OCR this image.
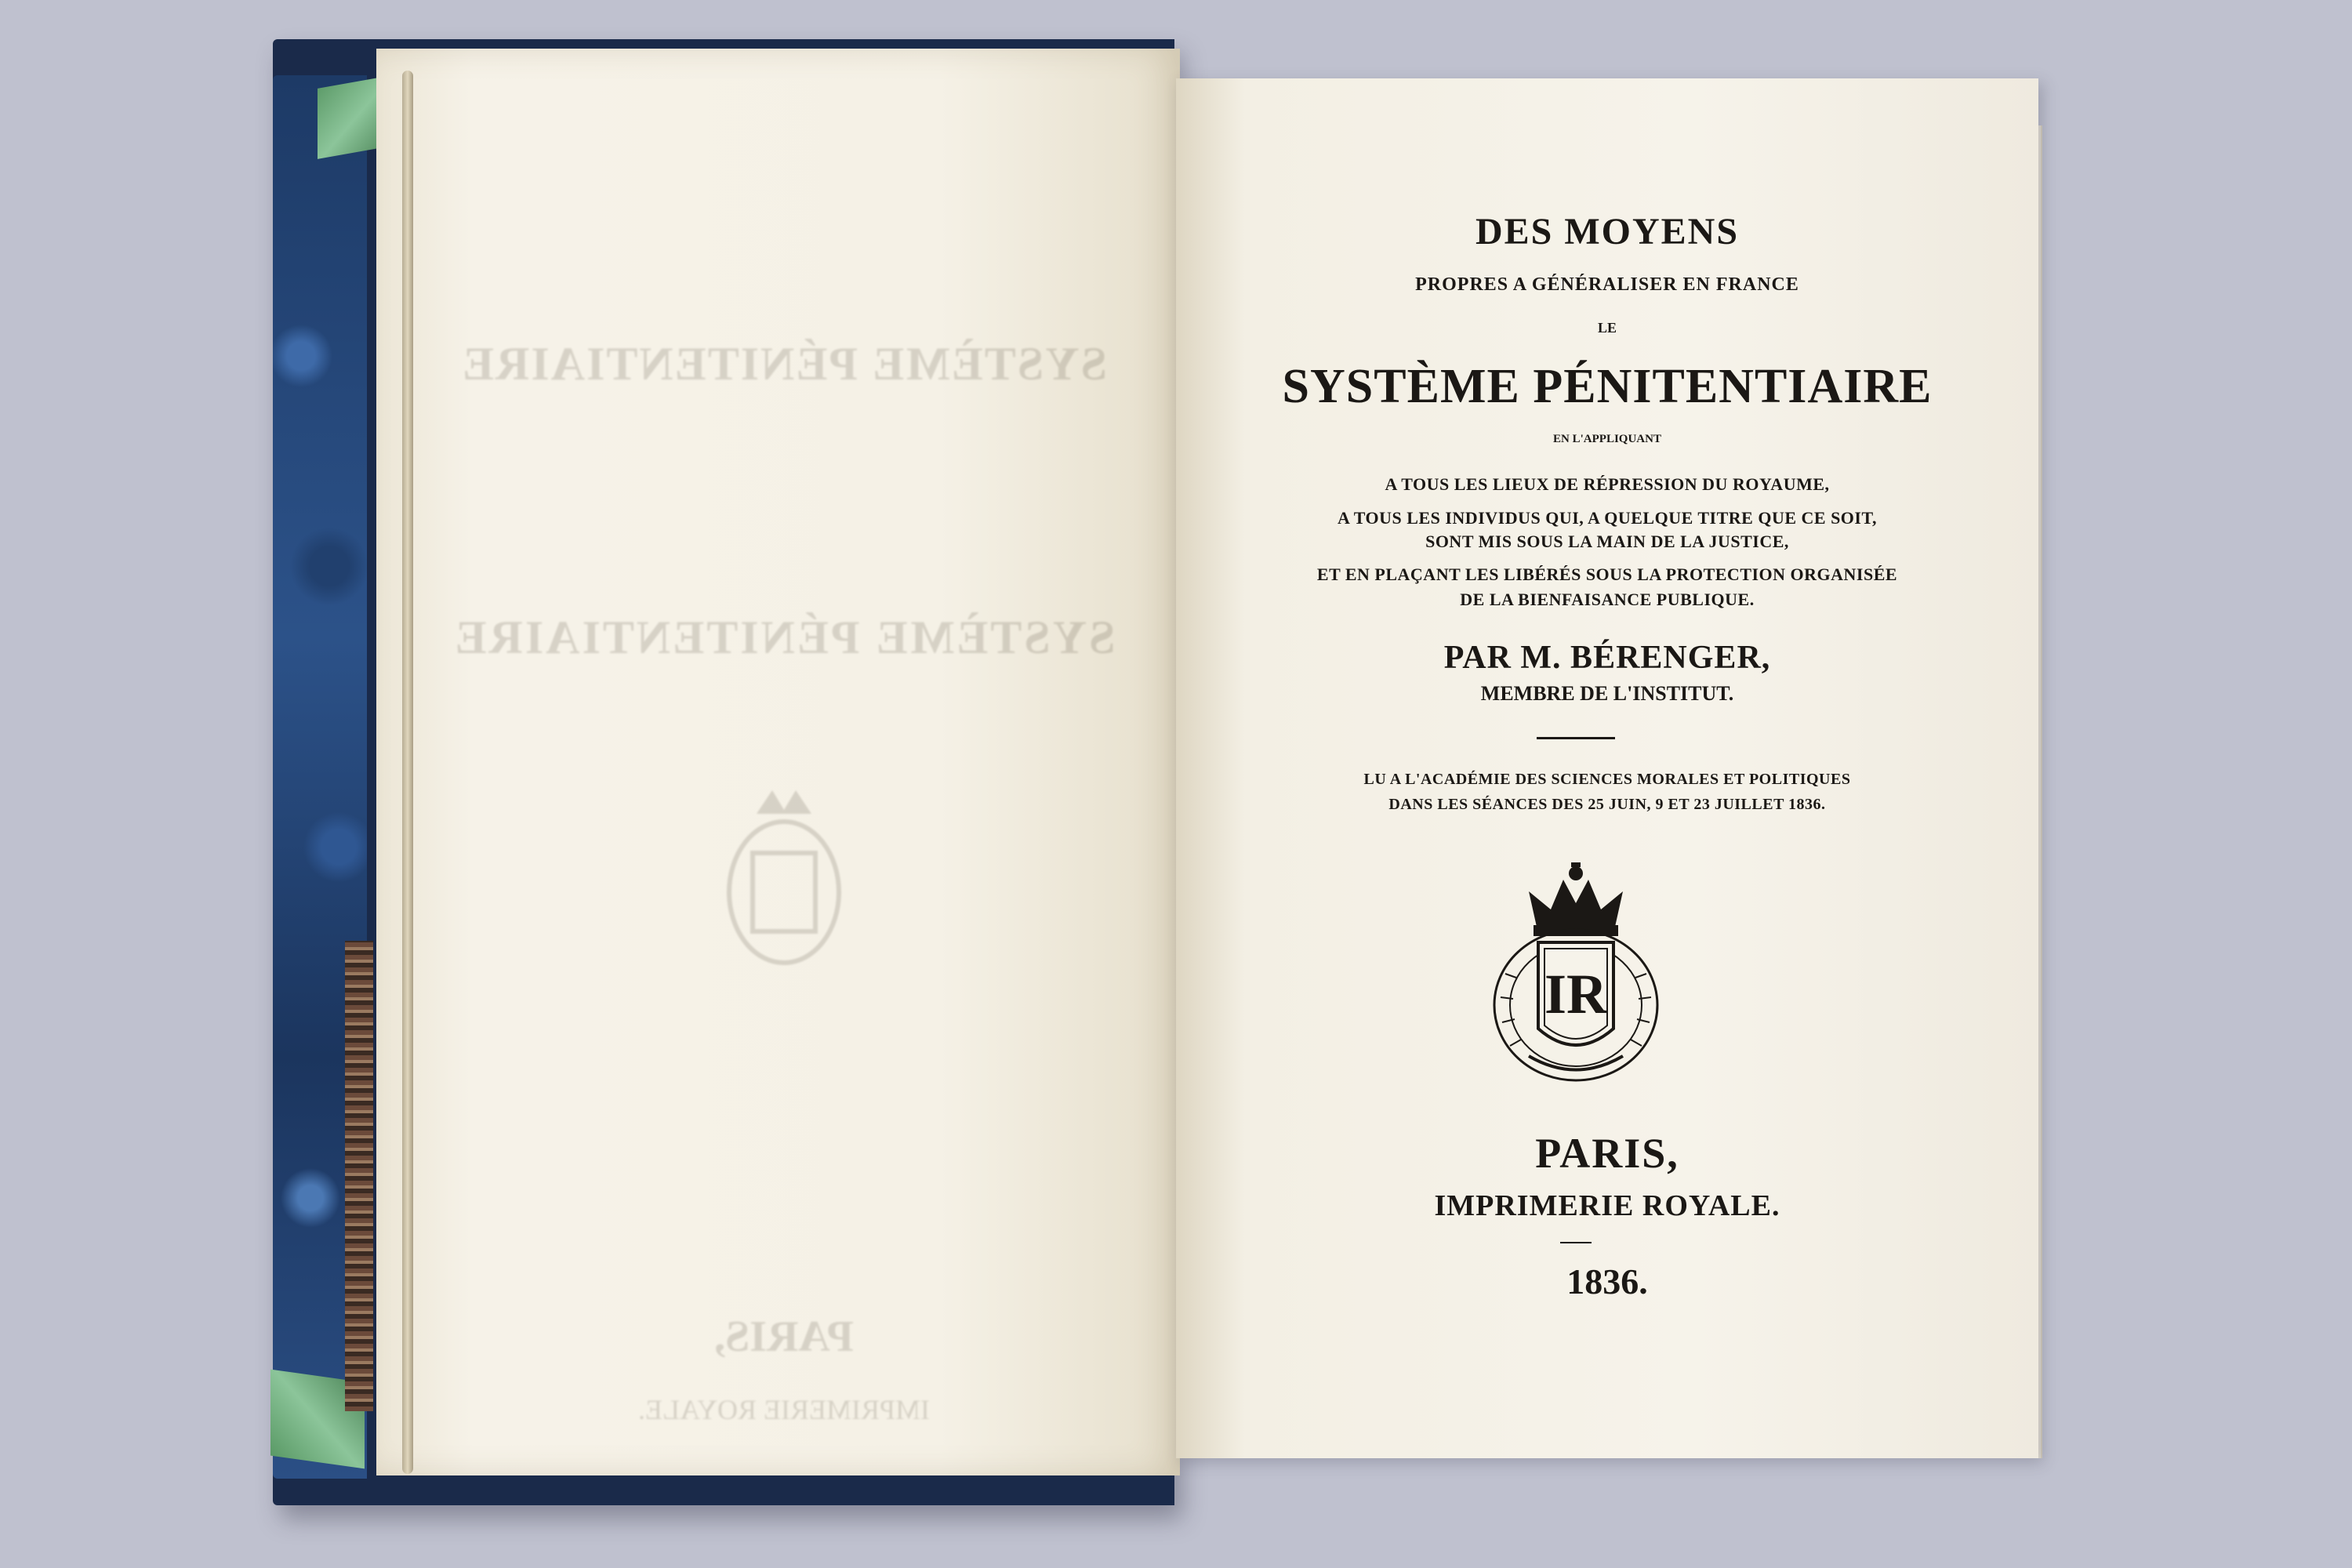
SYSTÈME PÉNITENTIAIRE
SYSTÈME PÉNITENTIAIRE
PARIS,
IMPRIMERIE ROYALE.

DES MOYENS

PROPRES A GÉNÉRALISER EN FRANCE

LE

SYSTÈME PÉNITENTIAIRE

EN L'APPLIQUANT

A TOUS LES LIEUX DE RÉPRESSION DU ROYAUME,

A TOUS LES INDIVIDUS QUI, A QUELQUE TITRE QUE CE SOIT,

SONT MIS SOUS LA MAIN DE LA JUSTICE,

ET EN PLAÇANT LES LIBÉRÉS SOUS LA PROTECTION ORGANISÉE

DE LA BIENFAISANCE PUBLIQUE.

PAR M. BÉRENGER,

MEMBRE DE L'INSTITUT.

LU A L'ACADÉMIE DES SCIENCES MORALES ET POLITIQUES

DANS LES SÉANCES DES 25 JUIN, 9 ET 23 JUILLET 1836.

IR

PARIS,

IMPRIMERIE ROYALE.

1836.
